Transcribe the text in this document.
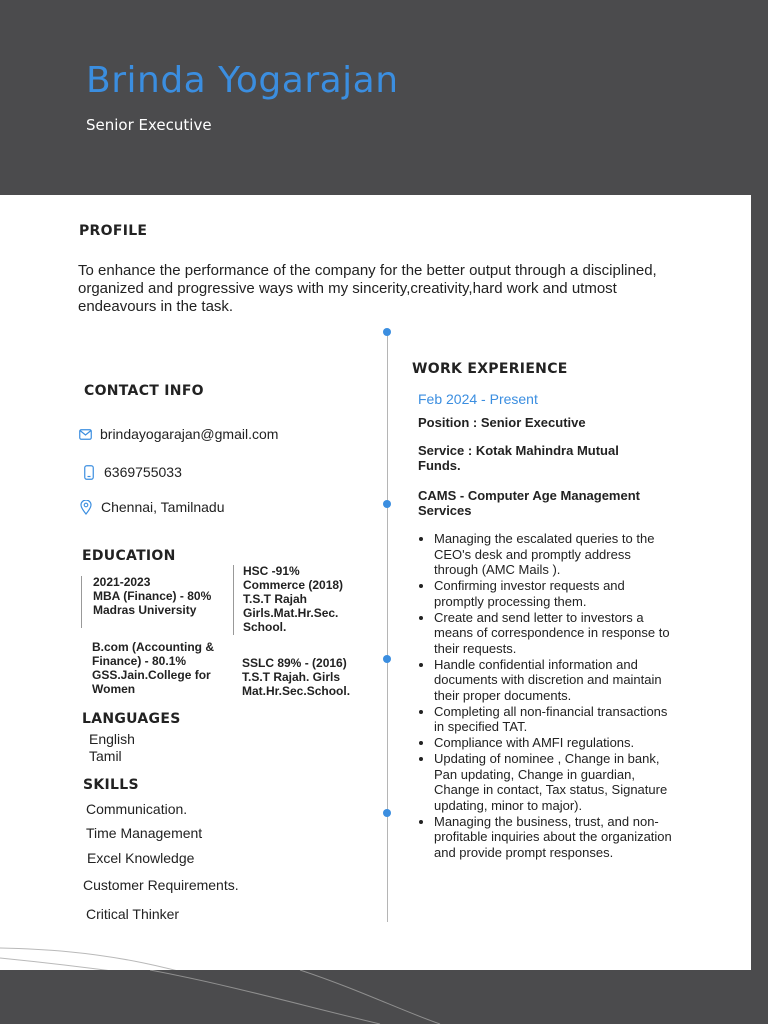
Brinda Yogarajan
Senior Executive
PROFILE
To enhance the performance of the company for the better output through a disciplined, organized and progressive ways with my sincerity,creativity,hard work and utmost endeavours in the task.
CONTACT INFO
brindayogarajan@gmail.com
6369755033
Chennai, Tamilnadu
EDUCATION
2021-2023
MBA (Finance) - 80%
Madras University
B.com (Accounting & Finance) - 80.1%
GSS.Jain.College for Women
HSC -91%
Commerce (2018)
T.S.T Rajah Girls.Mat.Hr.Sec. School.
SSLC 89% - (2016)
T.S.T Rajah. Girls Mat.Hr.Sec.School.
LANGUAGES
English
Tamil
SKILLS
Communication.
Time Management
Excel Knowledge
Customer Requirements.
Critical Thinker
WORK EXPERIENCE
Feb 2024 - Present
Position : Senior Executive
Service : Kotak Mahindra Mutual Funds.
CAMS - Computer Age Management Services
• Managing the escalated queries to the CEO's desk and promptly address through (AMC Mails ).
• Confirming investor requests and promptly processing them.
• Create and send letter to investors a means of correspondence in response to their requests.
• Handle confidential information and documents with discretion and maintain their proper documents.
• Completing all non-financial transactions in specified TAT.
• Compliance with AMFI regulations.
• Updating of nominee , Change in bank, Pan updating, Change in guardian, Change in contact, Tax status, Signature updating, minor to major).
• Managing the business, trust, and non-profitable inquiries about the organization and provide prompt responses.
